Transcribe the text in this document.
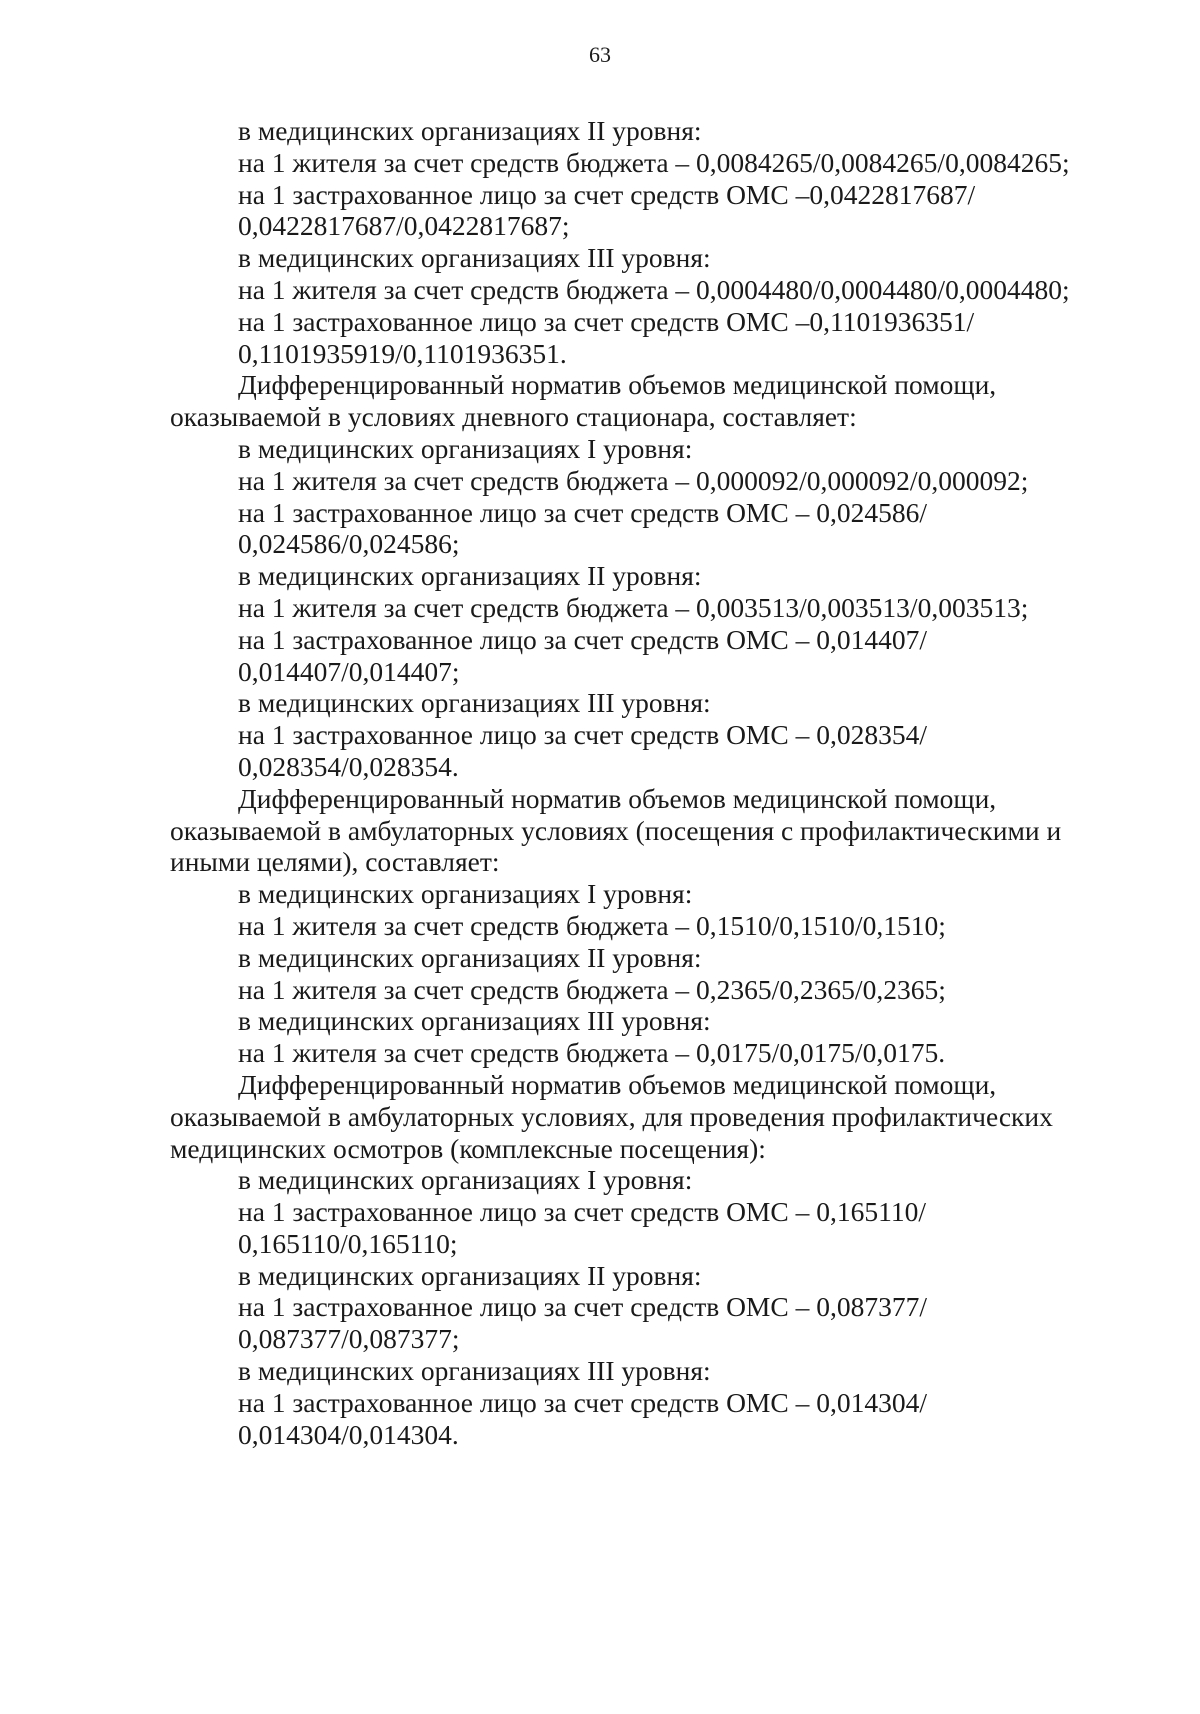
63
в медицинских организациях II уровня:
на 1 жителя за счет средств бюджета – 0,0084265/0,0084265/0,0084265;
на 1 застрахованное лицо за счет средств ОМС –0,0422817687/
0,0422817687/0,0422817687;
в медицинских организациях III уровня:
на 1 жителя за счет средств бюджета – 0,0004480/0,0004480/0,0004480;
на 1 застрахованное лицо за счет средств ОМС –0,1101936351/
0,1101935919/0,1101936351.
Дифференцированный норматив объемов медицинской помощи,
оказываемой в условиях дневного стационара, составляет:
в медицинских организациях I уровня:
на 1 жителя за счет средств бюджета – 0,000092/0,000092/0,000092;
на 1 застрахованное лицо за счет средств ОМС – 0,024586/
0,024586/0,024586;
в медицинских организациях II уровня:
на 1 жителя за счет средств бюджета – 0,003513/0,003513/0,003513;
на 1 застрахованное лицо за счет средств ОМС – 0,014407/
0,014407/0,014407;
в медицинских организациях III уровня:
на 1 застрахованное лицо за счет средств ОМС – 0,028354/
0,028354/0,028354.
Дифференцированный норматив объемов медицинской помощи,
оказываемой в амбулаторных условиях (посещения с профилактическими и
иными целями), составляет:
в медицинских организациях I уровня:
на 1 жителя за счет средств бюджета – 0,1510/0,1510/0,1510;
в медицинских организациях II уровня:
на 1 жителя за счет средств бюджета – 0,2365/0,2365/0,2365;
в медицинских организациях III уровня:
на 1 жителя за счет средств бюджета – 0,0175/0,0175/0,0175.
Дифференцированный норматив объемов медицинской помощи,
оказываемой в амбулаторных условиях, для проведения профилактических
медицинских осмотров (комплексные посещения):
в медицинских организациях I уровня:
на 1 застрахованное лицо за счет средств ОМС – 0,165110/
0,165110/0,165110;
в медицинских организациях II уровня:
на 1 застрахованное лицо за счет средств ОМС – 0,087377/
0,087377/0,087377;
в медицинских организациях III уровня:
на 1 застрахованное лицо за счет средств ОМС – 0,014304/
0,014304/0,014304.
